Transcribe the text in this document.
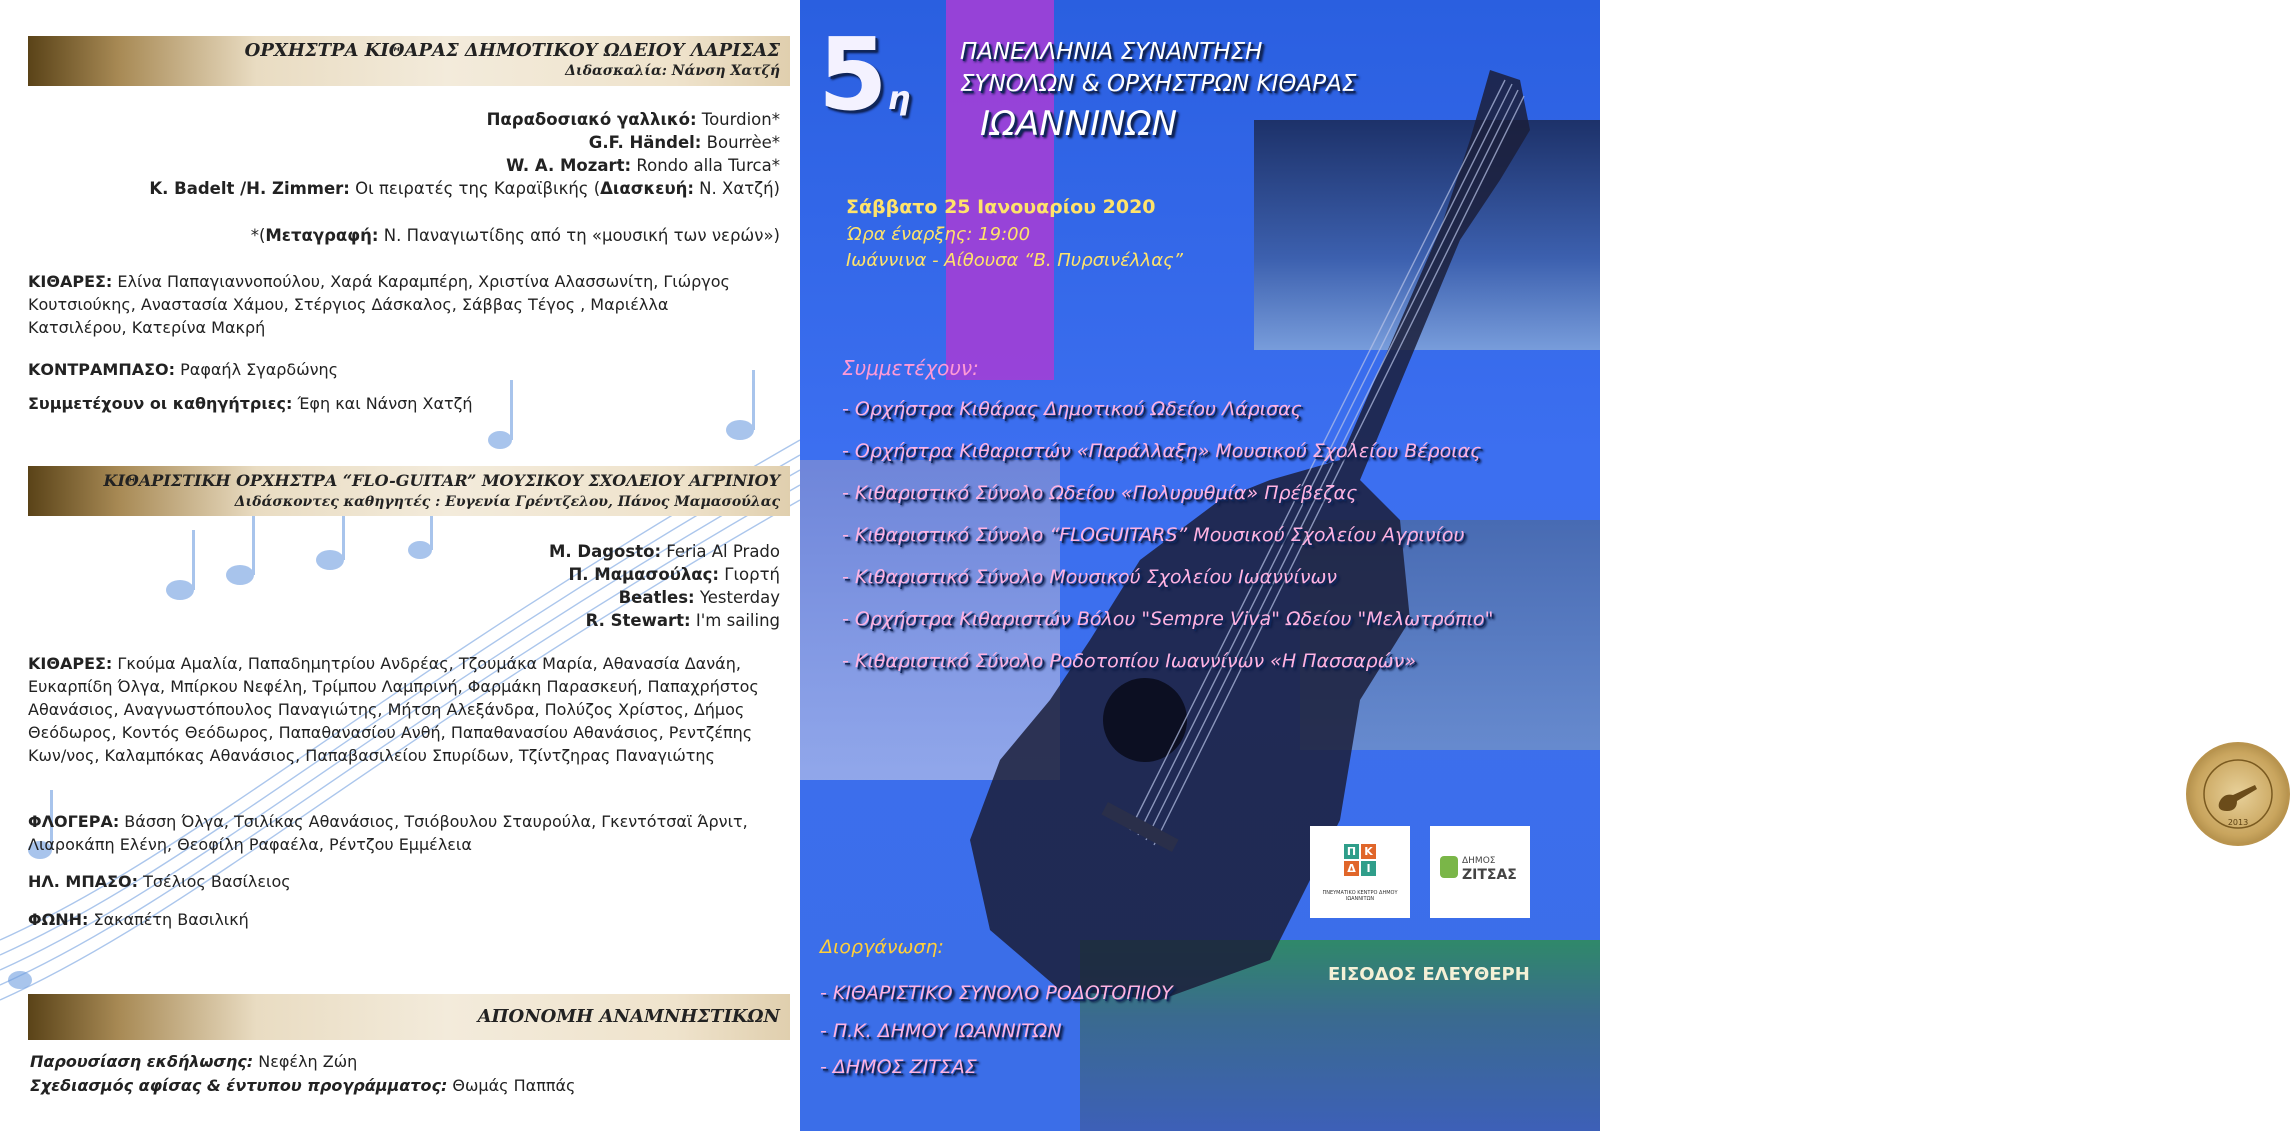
ΟΡΧΗΣΤΡΑ ΚΙΘΑΡΑΣ ΔΗΜΟΤΙΚΟΥ ΩΔΕΙΟΥ ΛΑΡΙΣΑΣ
Διδασκαλία: Νάνση Χατζή
Παραδοσιακό γαλλικό: Tourdion*
G.F. Händel: Bourrèe*
W. A. Mozart: Rondo alla Turca*
K. Badelt /H. Zimmer: Οι πειρατές της Καραϊβικής (Διασκευή: Ν. Χατζή)
*(Μεταγραφή: Ν. Παναγιωτίδης από τη «μουσική των νερών»)
ΚΙΘΑΡΕΣ: Ελίνα Παπαγιαννοπούλου, Χαρά Καραμπέρη, Χριστίνα Αλασσωνίτη, Γιώργος Κουτσιούκης, Αναστασία Χάμου, Στέργιος Δάσκαλος, Σάββας Τέγος , Μαριέλλα Κατσιλέρου, Κατερίνα Μακρή
ΚΟΝΤΡΑΜΠΑΣΟ: Ραφαήλ Σγαρδώνης
Συμμετέχουν οι καθηγήτριες: Έφη και Νάνση Χατζή
ΚΙΘΑΡΙΣΤΙΚΗ ΟΡΧΗΣΤΡΑ “FLO-GUITAR” ΜΟΥΣΙΚΟΥ ΣΧΟΛΕΙΟΥ ΑΓΡΙΝΙΟΥ
Διδάσκοντες καθηγητές : Ευγενία Γρέντζελου, Πάνος Μαμασούλας
M. Dagosto: Feria Al Prado
Π. Μαμασούλας: Γιορτή
Beatles: Yesterday
R. Stewart: I'm sailing
ΚΙΘΑΡΕΣ: Γκούμα Αμαλία, Παπαδημητρίου Ανδρέας, Τζουμάκα Μαρία, Αθανασία Δανάη, Ευκαρπίδη Όλγα, Μπίρκου Νεφέλη, Τρίμπου Λαμπρινή, Φαρμάκη Παρασκευή, Παπαχρήστος Αθανάσιος, Αναγνωστόπουλος Παναγιώτης, Μήτση Αλεξάνδρα, Πολύζος Χρίστος, Δήμος Θεόδωρος, Κοντός Θεόδωρος, Παπαθανασίου Ανθή, Παπαθανασίου Αθανάσιος, Ρεντζέπης Κων/νος, Καλαμπόκας Αθανάσιος, Παπαβασιλείου Σπυρίδων, Τζίντζηρας Παναγιώτης
ΦΛΟΓΕΡΑ: Βάσση Όλγα, Τσιλίκας Αθανάσιος, Τσιόβουλου Σταυρούλα, Γκεντότσαϊ Άρνιτ, Λιαροκάπη Ελένη, Θεοφίλη Ραφαέλα, Ρέντζου Εμμέλεια
ΗΛ. ΜΠΑΣΟ: Τσέλιος Βασίλειος
ΦΩΝΗ: Σακαπέτη Βασιλική
ΑΠΟΝΟΜΗ ΑΝΑΜΝΗΣΤΙΚΩΝ
Παρουσίαση εκδήλωσης: Νεφέλη Ζώη
Σχεδιασμός αφίσας & έντυπου προγράμματος: Θωμάς Παππάς
5η
ΠΑΝΕΛΛΗΝΙΑ ΣΥΝΑΝΤΗΣΗ
ΣΥΝΟΛΩΝ & ΟΡΧΗΣΤΡΩΝ ΚΙΘΑΡΑΣ
ΙΩΑΝΝΙΝΩΝ
Σάββατο 25 Ιανουαρίου 2020
Ώρα έναρξης: 19:00
Ιωάννινα - Αίθουσα “Β. Πυρσινέλλας”
Συμμετέχουν:
- Ορχήστρα Κιθάρας Δημοτικού Ωδείου Λάρισας
- Ορχήστρα Κιθαριστών «Παράλλαξη» Μουσικού Σχολείου Βέροιας
- Κιθαριστικό Σύνολο Ωδείου «Πολυρυθμία» Πρέβεζας
- Κιθαριστικό Σύνολο “FLOGUITARS” Μουσικού Σχολείου Αγρινίου
- Κιθαριστικό Σύνολο Μουσικού Σχολείου Ιωαννίνων
- Ορχήστρα Κιθαριστών Βόλου "Sempre Viva" Ωδείου "Μελωτρόπιο"
- Κιθαριστικό Σύνολο Ροδοτοπίου Ιωαννίνων «Η Πασσαρών»
2013
Π Κ
Δ Ι
ΠΝΕΥΜΑΤΙΚΟ ΚΕΝΤΡΟ ΔΗΜΟΥ ΙΩΑΝΝΙΤΩΝ
ΔΗΜΟΣ
ΖΙΤΣΑΣ
Διοργάνωση:
- ΚΙΘΑΡΙΣΤΙΚΟ ΣΥΝΟΛΟ ΡΟΔΟΤΟΠΙΟΥ
- Π.Κ. ΔΗΜΟΥ ΙΩΑΝΝΙΤΩΝ
- ΔΗΜΟΣ ΖΙΤΣΑΣ
ΕΙΣΟΔΟΣ ΕΛΕΥΘΕΡΗ
